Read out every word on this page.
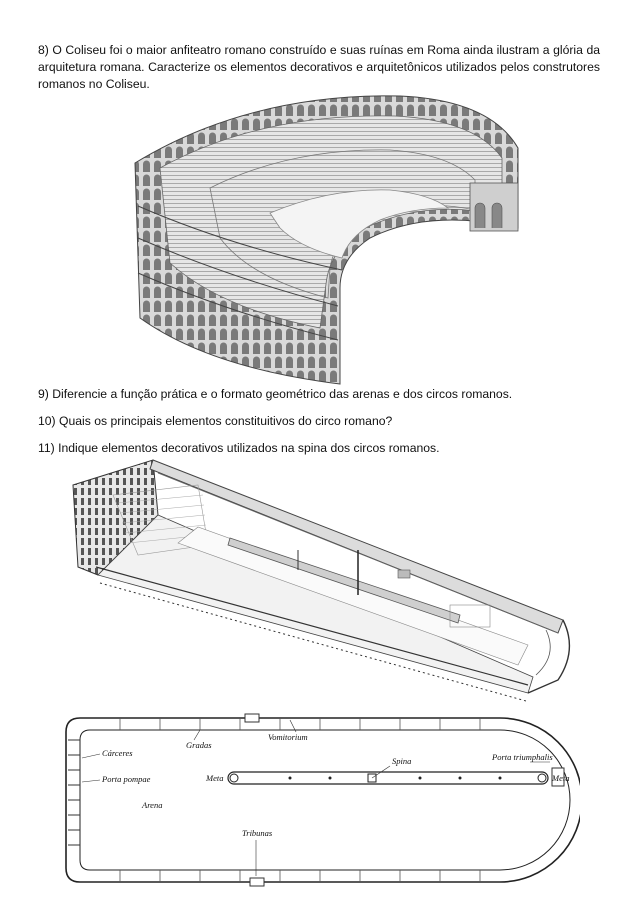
8) O Coliseu foi o maior anfiteatro romano construído e suas ruínas em Roma ainda ilustram a glória da arquitetura romana. Caracterize os elementos decorativos e arquitetônicos utilizados pelos construtores romanos no Coliseu.

9) Diferencie a função prática e o formato geométrico das arenas e dos circos romanos.

10) Quais os principais elementos constituitivos do circo romano?

11) Indique elementos decorativos utilizados na spina dos circos romanos.

Cárceres
Porta pompae
Gradas
Vomitorium
Spina	Porta triumphalis
Meta	Meta
Arena
Tribunas
